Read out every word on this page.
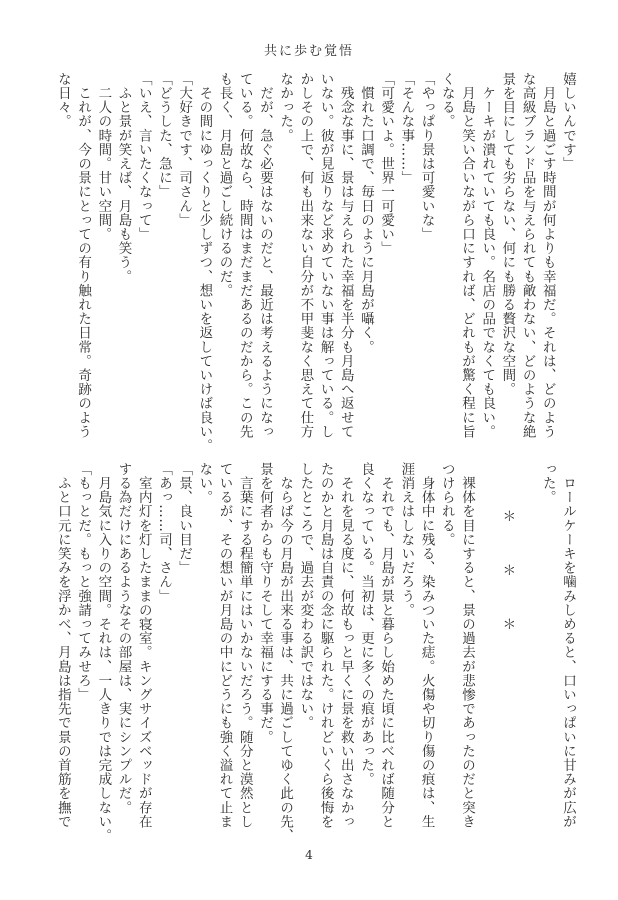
共に歩む覚悟
嬉しいんです」
　月島と過ごす時間が何よりも幸福だ。それは、どのよう
な高級ブランド品を与えられても敵わない、どのような絶
景を目にしても劣らない、何にも勝る贅沢な空間。
　ケーキが潰れていても良い。名店の品でなくても良い。
　月島と笑い合いながら口にすれば、どれもが驚く程に旨
くなる。
「やっぱり景は可愛いな」
「そんな事……」
「可愛いよ。世界一可愛い」
　慣れた口調で、毎日のように月島が囁く。
　残念な事に、景は与えられた幸福を半分も月島へ返せて
いない。彼が見返りなど求めていない事は解っている。し
かしその上で、何も出来ない自分が不甲斐なく思えて仕方
なかった。
　だが、急ぐ必要はないのだと、最近は考えるようになっ
ている。何故なら、時間はまだまだあるのだから。この先
も長く、月島と過ごし続けるのだ。
　その間にゆっくりと少しずつ、想いを返していけば良い。
「大好きです、司さん」
「どうした、急に」
「いえ、言いたくなって」
　ふと景が笑えば、月島も笑う。
　二人の時間。甘い空間。
　これが、今の景にとっての有り触れた日常。奇跡のよう
な日々。
　ロールケーキを噛みしめると、口いっぱいに甘みが広が
った。

＊　＊　＊

　裸体を目にすると、景の過去が悲惨であったのだと突き
つけられる。
　身体中に残る、染みついた痣。火傷や切り傷の痕は、生
涯消えはしないだろう。
　それでも、月島が景と暮らし始めた頃に比べれば随分と
良くなっている。当初は、更に多くの痕があった。
　それを見る度に、何故もっと早くに景を救い出さなかっ
たのかと月島は自責の念に駆られた。けれどいくら後悔を
したところで、過去が変わる訳ではない。
　ならば今の月島が出来る事は、共に過ごしてゆく此の先、
景を何者からも守りそして幸福にする事だ。
　言葉にする程簡単にはいかないだろう。随分と漠然とし
ているが、その想いが月島の中にどうにも強く溢れて止ま
ない。
「景、良い目だ」
「あっ……司、さん」
　室内灯を灯したままの寝室。キングサイズベッドが存在
する為だけにあるようなその部屋は、実にシンプルだ。
　月島気に入りの空間。それは、一人きりでは完成しない。
「もっとだ。もっと強請ってみせろ」
　ふと口元に笑みを浮かべ、月島は指先で景の首筋を撫で
4
